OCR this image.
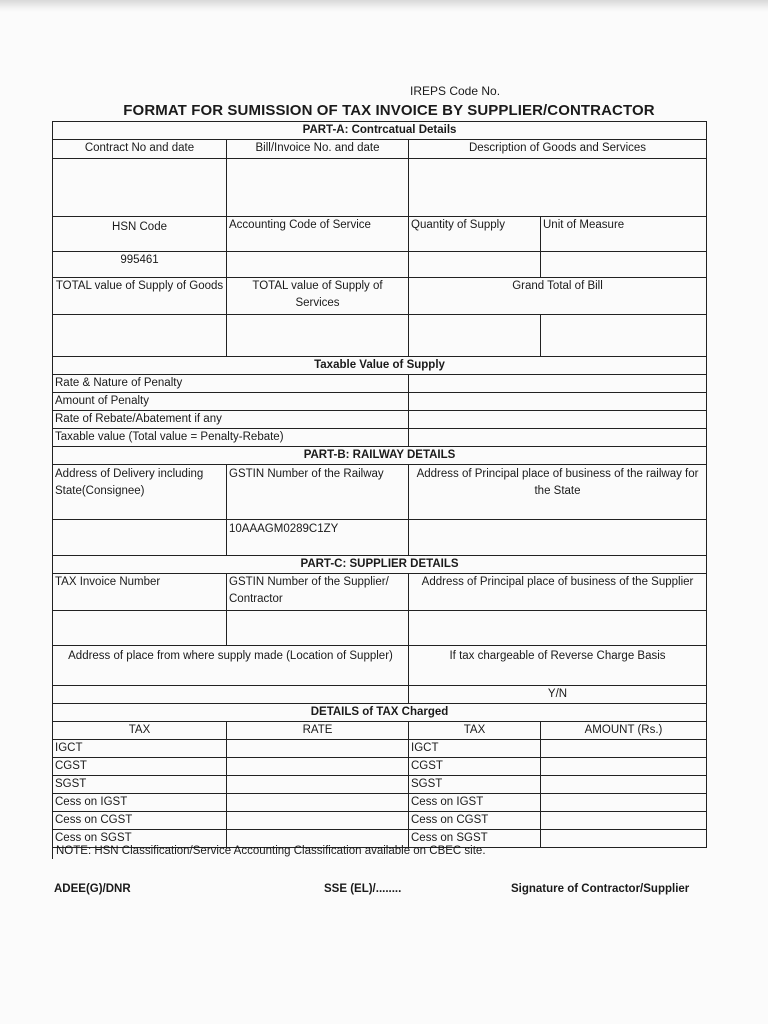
IREPS Code No.
FORMAT FOR SUMISSION OF TAX INVOICE BY SUPPLIER/CONTRACTOR
PART-A: Contrcatual Details			
Contract No and date	Bill/Invoice No. and date	Description of Goods and Services	

HSN Code	Accounting Code of Service	Quantity of Supply	Unit of Measure
995461			
TOTAL value of Supply of Goods	TOTAL value of Supply of Services	Grand Total of Bill	

Taxable Value of Supply			
Rate & Nature of Penalty			
Amount of Penalty			
Rate of Rebate/Abatement if any			
Taxable value (Total value = Penalty-Rebate)			
PART-B: RAILWAY DETAILS			
Address of Delivery including State(Consignee)	GSTIN Number of the Railway	Address of Principal place of business of the railway for the State	
	10AAAGM0289C1ZY		
PART-C: SUPPLIER DETAILS			
TAX Invoice Number	GSTIN Number of the Supplier/ Contractor	Address of Principal place of business of the Supplier	

Address of place from where supply made (Location of Suppler)		If tax chargeable of Reverse Charge Basis	
		Y/N	
DETAILS of TAX Charged			
TAX	RATE	TAX	AMOUNT (Rs.)
IGCT		IGCT	
CGST		CGST	
SGST		SGST	
Cess on IGST		Cess on IGST	
Cess on CGST		Cess on CGST	
Cess on SGST		Cess on SGST	
NOTE: HSN Classification/Service Accounting Classification available on CBEC site.
ADEE(G)/DNR	SSE (EL)/........	Signature of Contractor/Supplier
